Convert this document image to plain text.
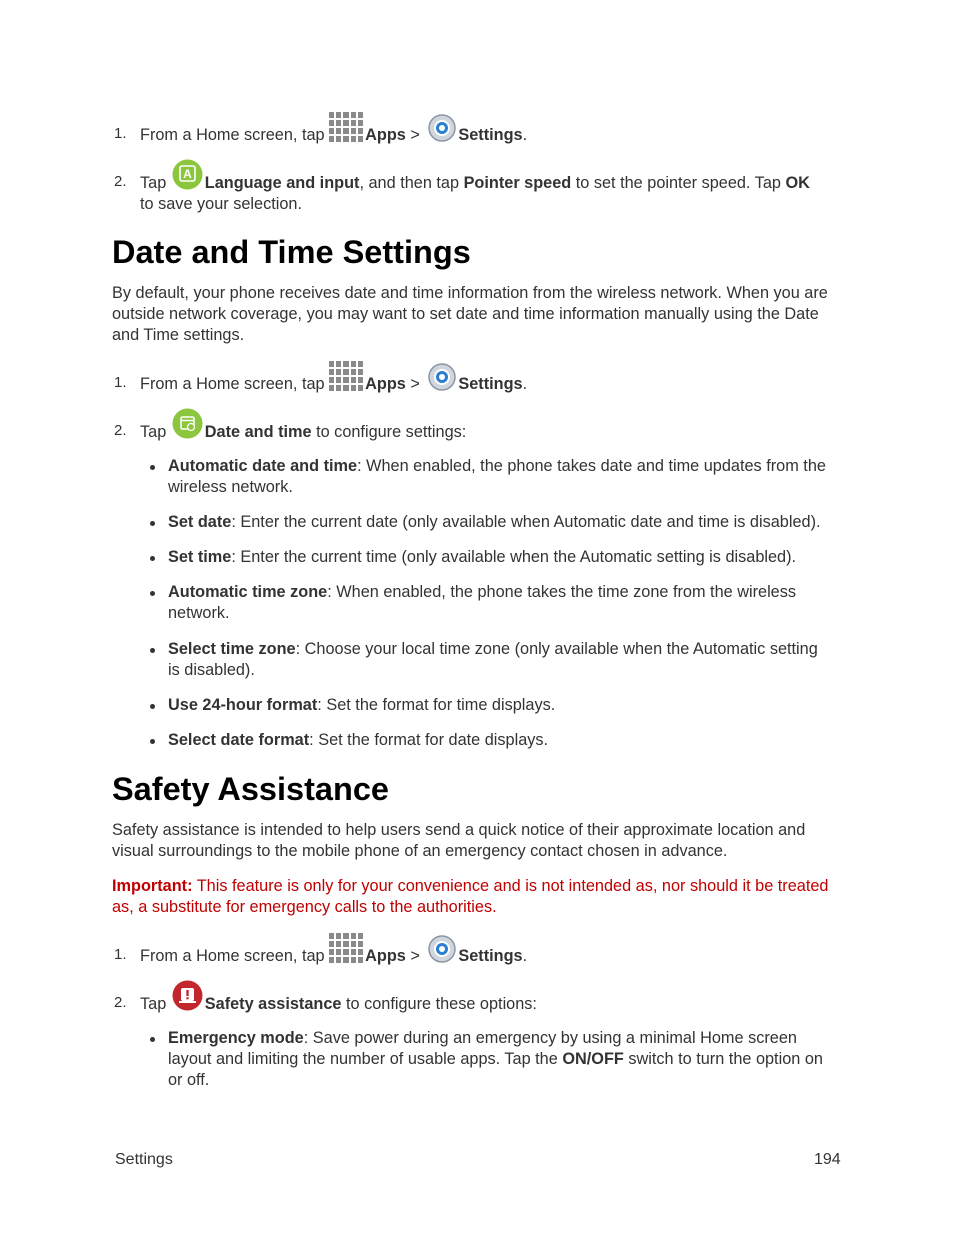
1. From a Home screen, tap Apps > Settings.
2. Tap Language and input, and then tap Pointer speed to set the pointer speed. Tap OK
to save your selection.
A
Date and Time Settings
By default, your phone receives date and time information from the wireless network. When you are
outside network coverage, you may want to set date and time information manually using the Date
and Time settings.
1. From a Home screen, tap Apps > Settings.
2. Tap Date and time to configure settings:
Automatic date and time: When enabled, the phone takes date and time updates from the
wireless network.
Set date: Enter the current date (only available when Automatic date and time is disabled).
Set time: Enter the current time (only available when the Automatic setting is disabled).
Automatic time zone: When enabled, the phone takes the time zone from the wireless
network.
Select time zone: Choose your local time zone (only available when the Automatic setting
is disabled).
Use 24-hour format: Set the format for time displays.
Select date format: Set the format for date displays.
Safety Assistance
Safety assistance is intended to help users send a quick notice of their approximate location and
visual surroundings to the mobile phone of an emergency contact chosen in advance.
Important: This feature is only for your convenience and is not intended as, nor should it be treated
as, a substitute for emergency calls to the authorities.
1. From a Home screen, tap Apps > Settings.
2. Tap Safety assistance to configure these options:
Emergency mode: Save power during an emergency by using a minimal Home screen
layout and limiting the number of usable apps. Tap the ON/OFF switch to turn the option on
or off.
Settings	194
